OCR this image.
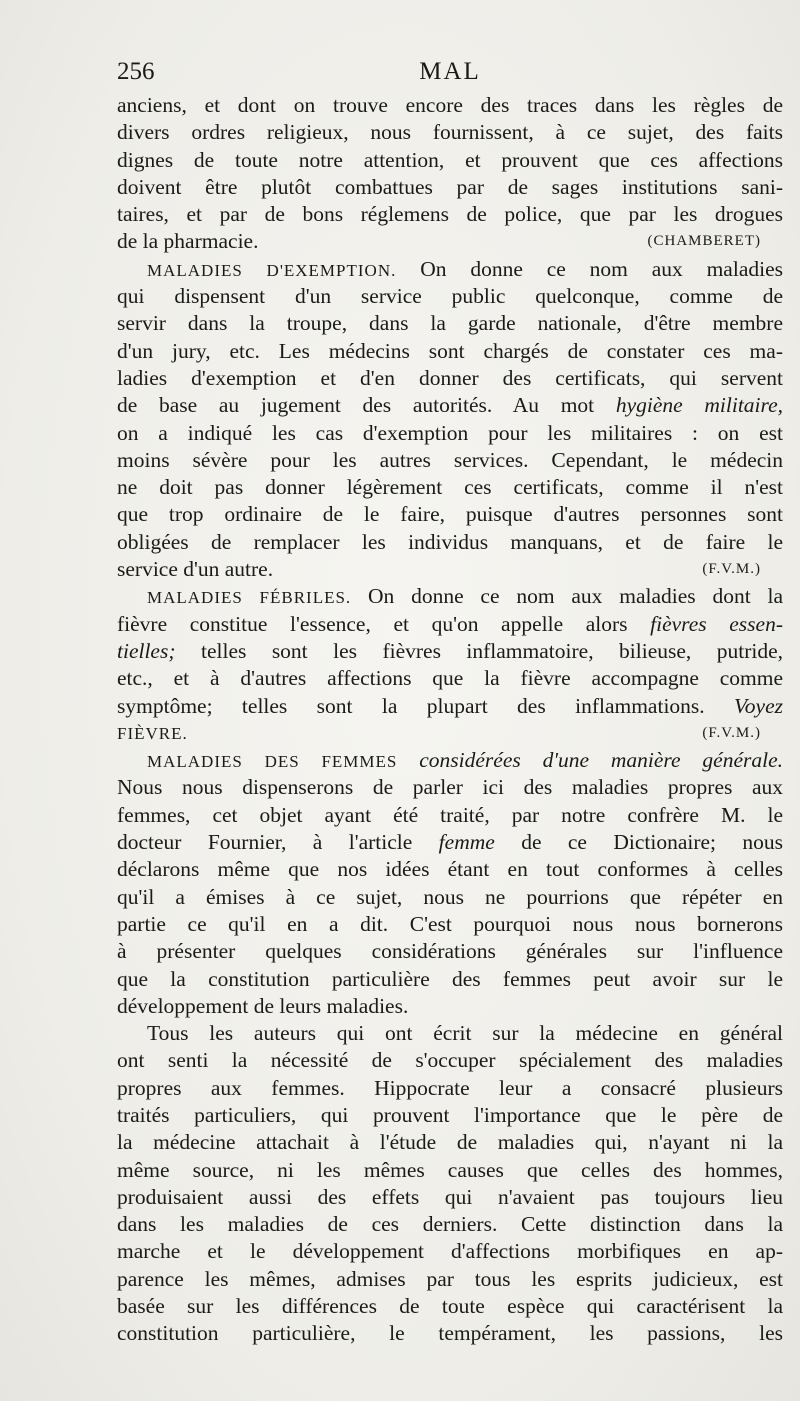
256	MAL
anciens, et dont on trouve encore des traces dans les règles de
divers ordres religieux, nous fournissent, à ce sujet, des faits
dignes de toute notre attention, et prouvent que ces affections
doivent être plutôt combattues par de sages institutions sani-
taires, et par de bons réglemens de police, que par les drogues
de la pharmacie.	(CHAMBERET)
MALADIES D'EXEMPTION. On donne ce nom aux maladies
qui dispensent d'un service public quelconque, comme de
servir dans la troupe, dans la garde nationale, d'être membre
d'un jury, etc. Les médecins sont chargés de constater ces ma-
ladies d'exemption et d'en donner des certificats, qui servent
de base au jugement des autorités. Au mot hygiène militaire,
on a indiqué les cas d'exemption pour les militaires : on est
moins sévère pour les autres services. Cependant, le médecin
ne doit pas donner légèrement ces certificats, comme il n'est
que trop ordinaire de le faire, puisque d'autres personnes sont
obligées de remplacer les individus manquans, et de faire le
service d'un autre.	(F.V.M.)
MALADIES FÉBRILES. On donne ce nom aux maladies dont la
fièvre constitue l'essence, et qu'on appelle alors fièvres essen-
tielles; telles sont les fièvres inflammatoire, bilieuse, putride,
etc., et à d'autres affections que la fièvre accompagne comme
symptôme; telles sont la plupart des inflammations. Voyez
FIÈVRE.	(F.V.M.)
MALADIES DES FEMMES considérées d'une manière générale.
Nous nous dispenserons de parler ici des maladies propres aux
femmes, cet objet ayant été traité, par notre confrère M. le
docteur Fournier, à l'article femme de ce Dictionaire; nous
déclarons même que nos idées étant en tout conformes à celles
qu'il a émises à ce sujet, nous ne pourrions que répéter en
partie ce qu'il en a dit. C'est pourquoi nous nous bornerons
à présenter quelques considérations générales sur l'influence
que la constitution particulière des femmes peut avoir sur le
développement de leurs maladies.
Tous les auteurs qui ont écrit sur la médecine en général
ont senti la nécessité de s'occuper spécialement des maladies
propres aux femmes. Hippocrate leur a consacré plusieurs
traités particuliers, qui prouvent l'importance que le père de
la médecine attachait à l'étude de maladies qui, n'ayant ni la
même source, ni les mêmes causes que celles des hommes,
produisaient aussi des effets qui n'avaient pas toujours lieu
dans les maladies de ces derniers. Cette distinction dans la
marche et le développement d'affections morbifiques en ap-
parence les mêmes, admises par tous les esprits judicieux, est
basée sur les différences de toute espèce qui caractérisent la
constitution particulière, le tempérament, les passions, les
